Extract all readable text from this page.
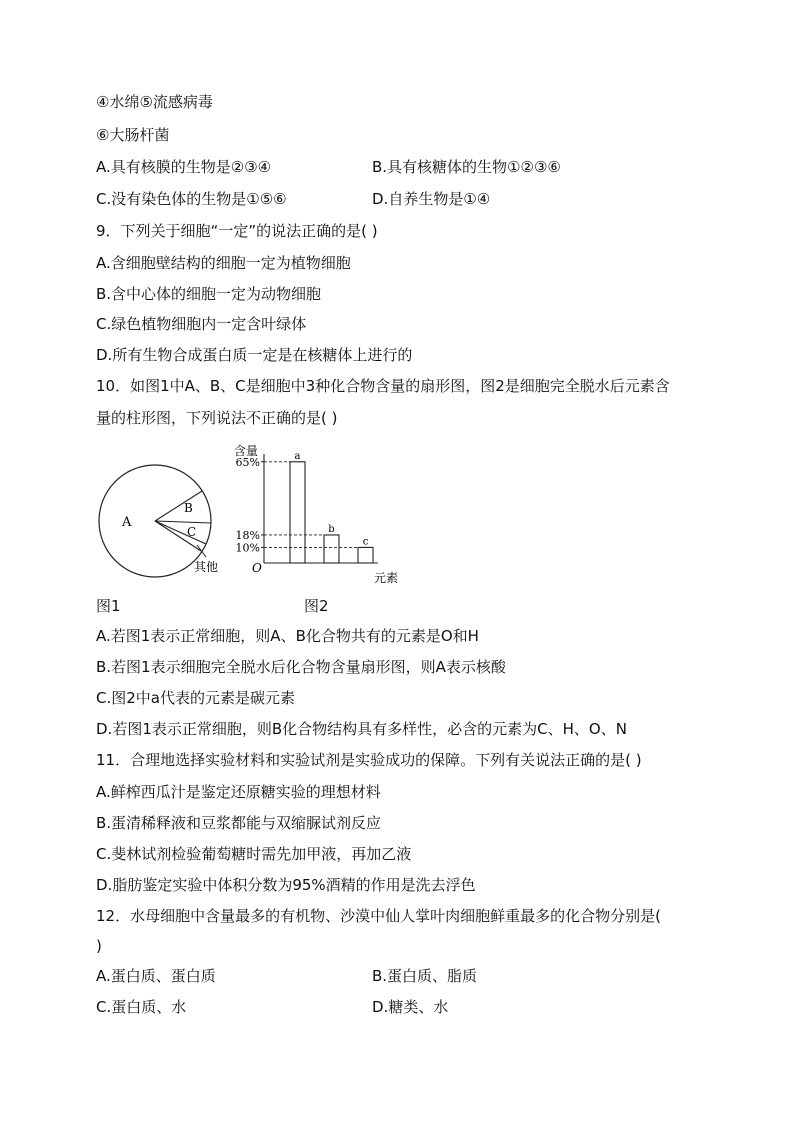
④水绵⑤流感病毒
⑥大肠杆菌
A.具有核膜的生物是②③④	B.具有核糖体的生物①②③⑥
C.没有染色体的生物是①⑤⑥	D.自养生物是①④
9．下列关于细胞“一定”的说法正确的是( )
A.含细胞壁结构的细胞一定为植物细胞
B.含中心体的细胞一定为动物细胞
C.绿色植物细胞内一定含叶绿体
D.所有生物合成蛋白质一定是在核糖体上进行的
10．如图1中A、B、C是细胞中3种化合物含量的扇形图，图2是细胞完全脱水后元素含
量的柱形图，下列说法不正确的是( )
A
B
C
其他
含量
O
元素
65%	a
18%	b
10%	c
图1	图2
A.若图1表示正常细胞，则A、B化合物共有的元素是O和H
B.若图1表示细胞完全脱水后化合物含量扇形图，则A表示核酸
C.图2中a代表的元素是碳元素
D.若图1表示正常细胞，则B化合物结构具有多样性，必含的元素为C、H、O、N
11．合理地选择实验材料和实验试剂是实验成功的保障。下列有关说法正确的是( )
A.鲜榨西瓜汁是鉴定还原糖实验的理想材料
B.蛋清稀释液和豆浆都能与双缩脲试剂反应
C.斐林试剂检验葡萄糖时需先加甲液，再加乙液
D.脂肪鉴定实验中体积分数为95%酒精的作用是洗去浮色
12．水母细胞中含量最多的有机物、沙漠中仙人掌叶肉细胞鲜重最多的化合物分别是(
)
A.蛋白质、蛋白质	B.蛋白质、脂质
C.蛋白质、水	D.糖类、水
